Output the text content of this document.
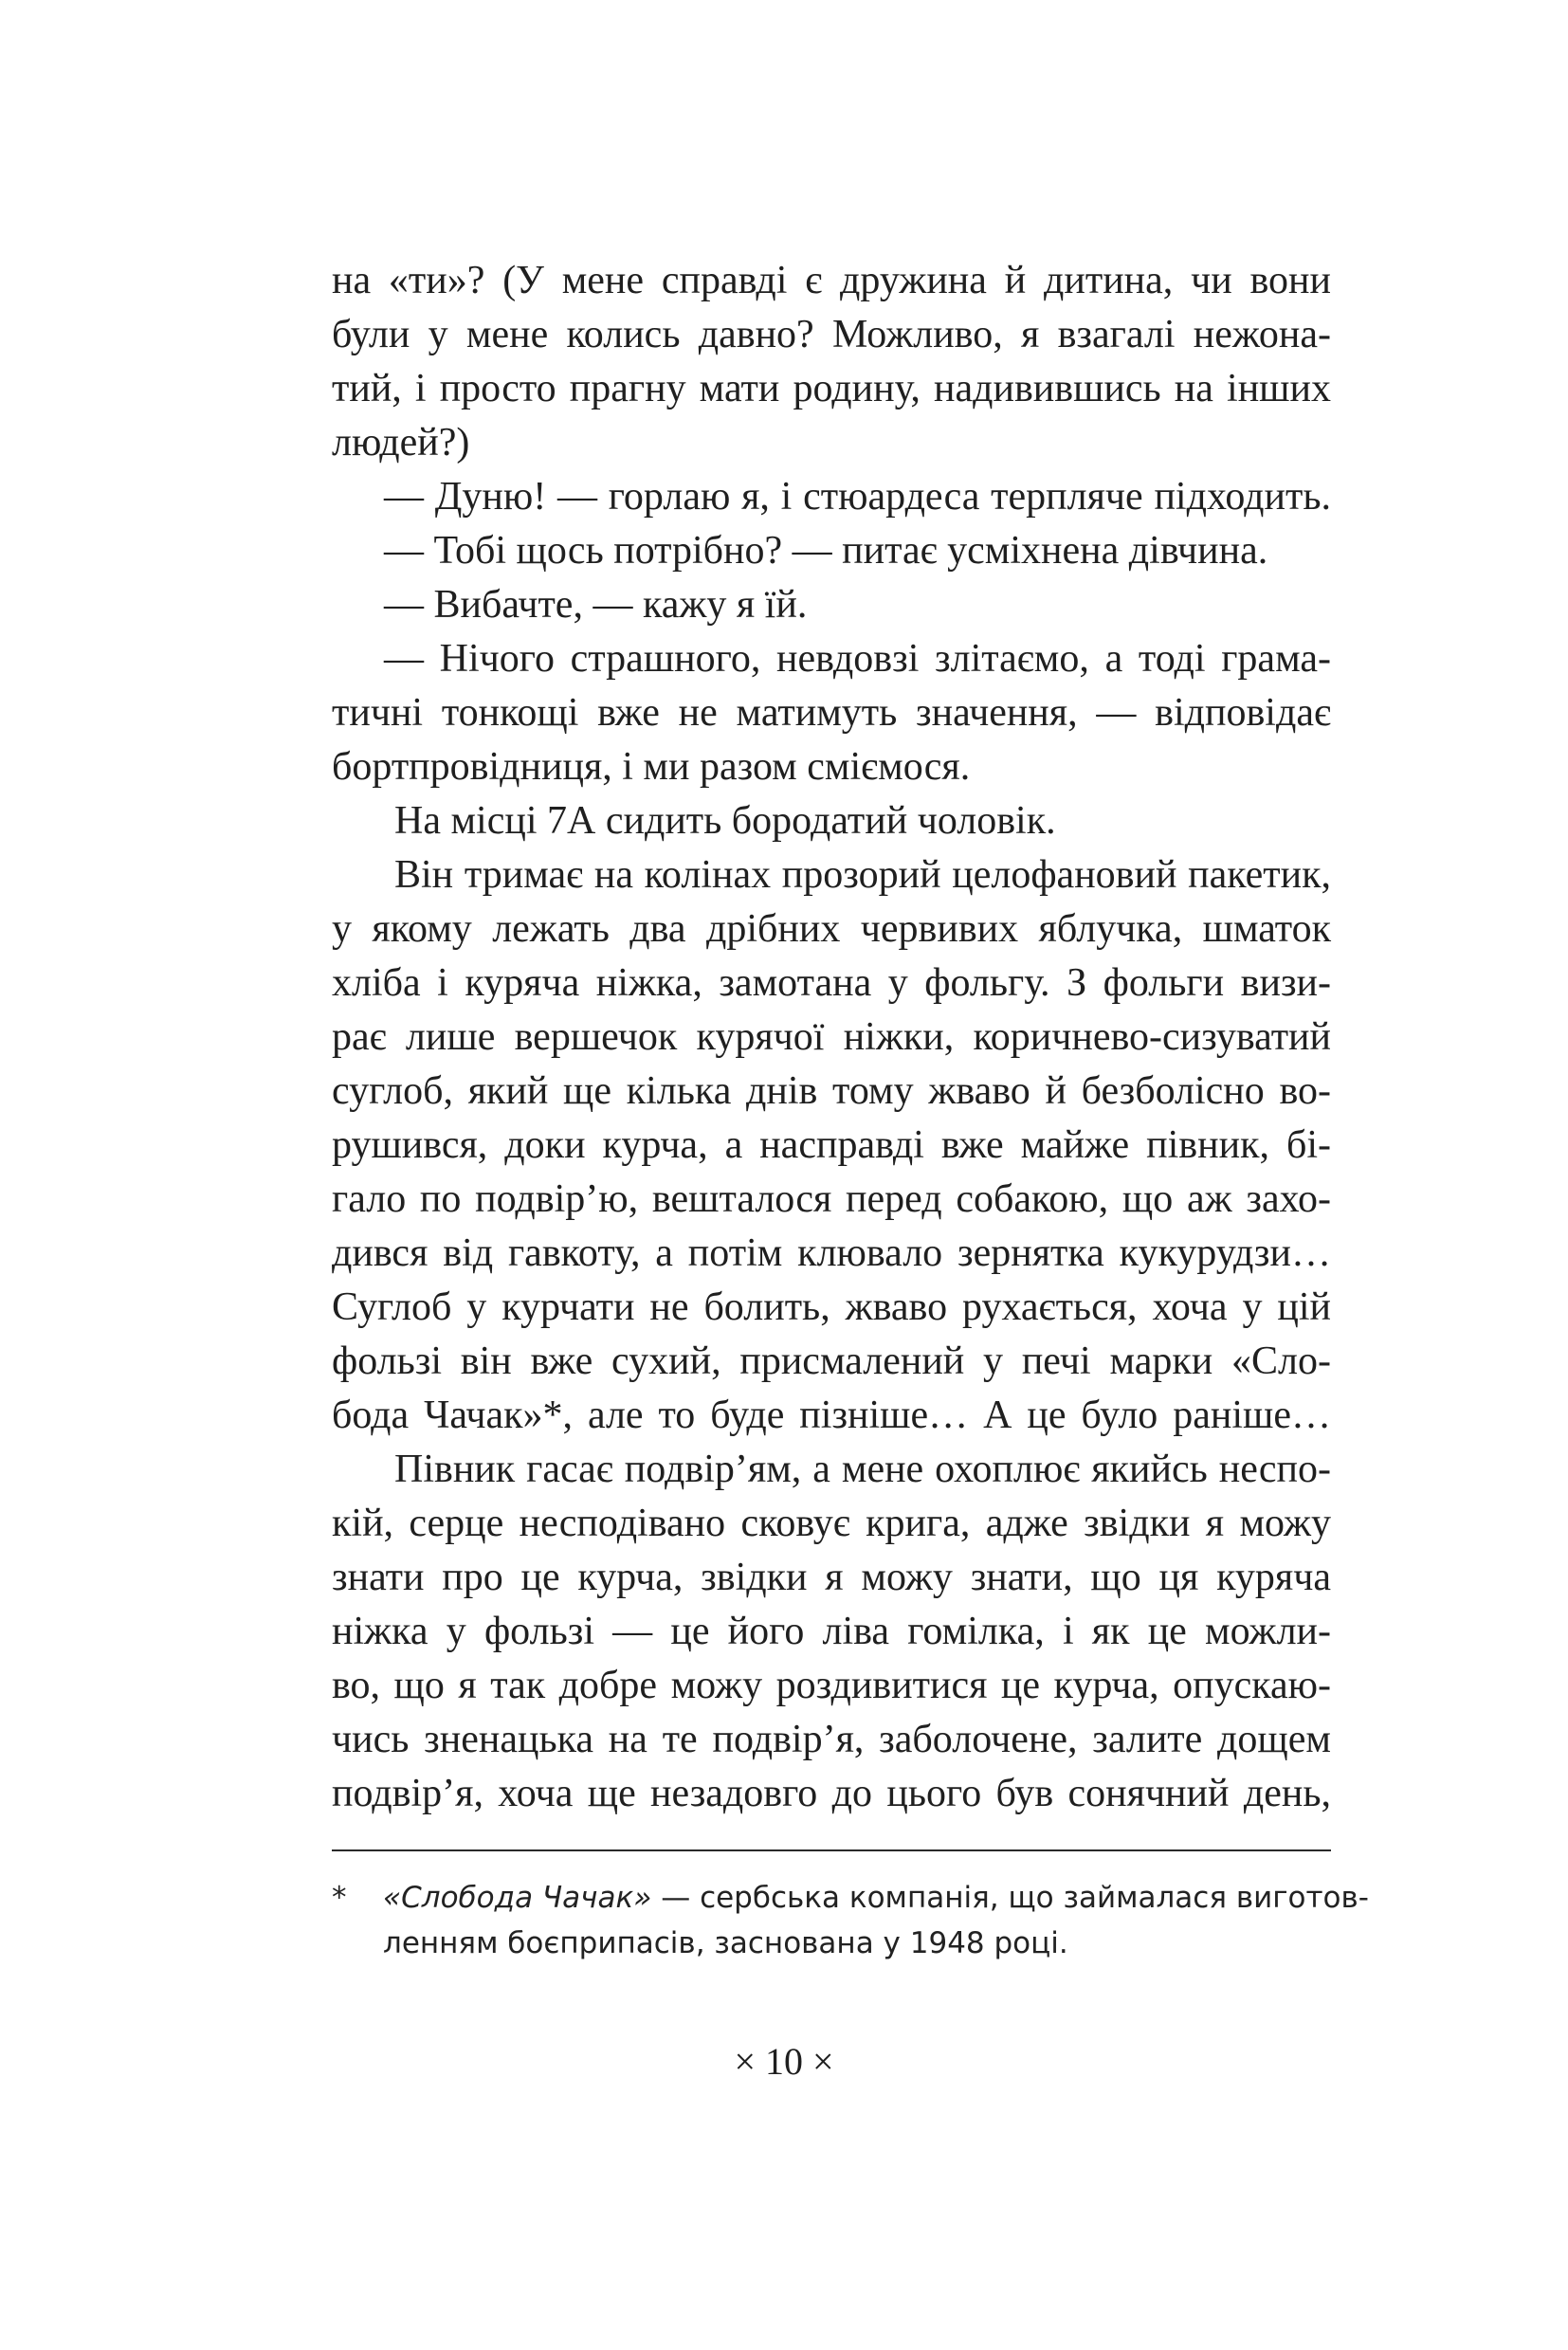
на «ти»? (У мене справді є дружина й дитина, чи вони
були у мене колись давно? Можливо, я взагалі нежона-
тий, і просто прагну мати родину, надивившись на інших
людей?)
— Дуню! — горлаю я, і стюардеса терпляче підходить.
— Тобі щось потрібно? — питає усміхнена дівчина.
— Вибачте, — кажу я їй.
— Нічого страшного, невдовзі злітаємо, а тоді грама-
тичні тонкощі вже не матимуть значення, — відповідає
бортпровідниця, і ми разом сміємося.
На місці 7А сидить бородатий чоловік.
Він тримає на колінах прозорий целофановий пакетик,
у якому лежать два дрібних червивих яблучка, шматок
хліба і куряча ніжка, замотана у фольгу. З фольги визи-
рає лише вершечок курячої ніжки, коричнево-сизуватий
суглоб, який ще кілька днів тому жваво й безболісно во-
рушився, доки курча, а насправді вже майже півник, бі-
гало по подвір’ю, вешталося перед собакою, що аж захо-
дився від гавкоту, а потім клювало зернятка кукурудзи…
Суглоб у курчати не болить, жваво рухається, хоча у цій
фользі він вже сухий, присмалений у печі марки «Сло-
бода Чачак»*, але то буде пізніше… А це було раніше…
Півник гасає подвір’ям, а мене охоплює якийсь неспо-
кій, серце несподівано сковує крига, адже звідки я можу
знати про це курча, звідки я можу знати, що ця куряча
ніжка у фользі — це його ліва гомілка, і як це можли-
во, що я так добре можу роздивитися це курча, опускаю-
чись зненацька на те подвір’я, заболочене, залите дощем
подвір’я, хоча ще незадовго до цього був сонячний день,
* «Слобода Чачак» — сербська компанія, що займалася виготов-
ленням боєприпасів, заснована у 1948 році.
× 10 ×
